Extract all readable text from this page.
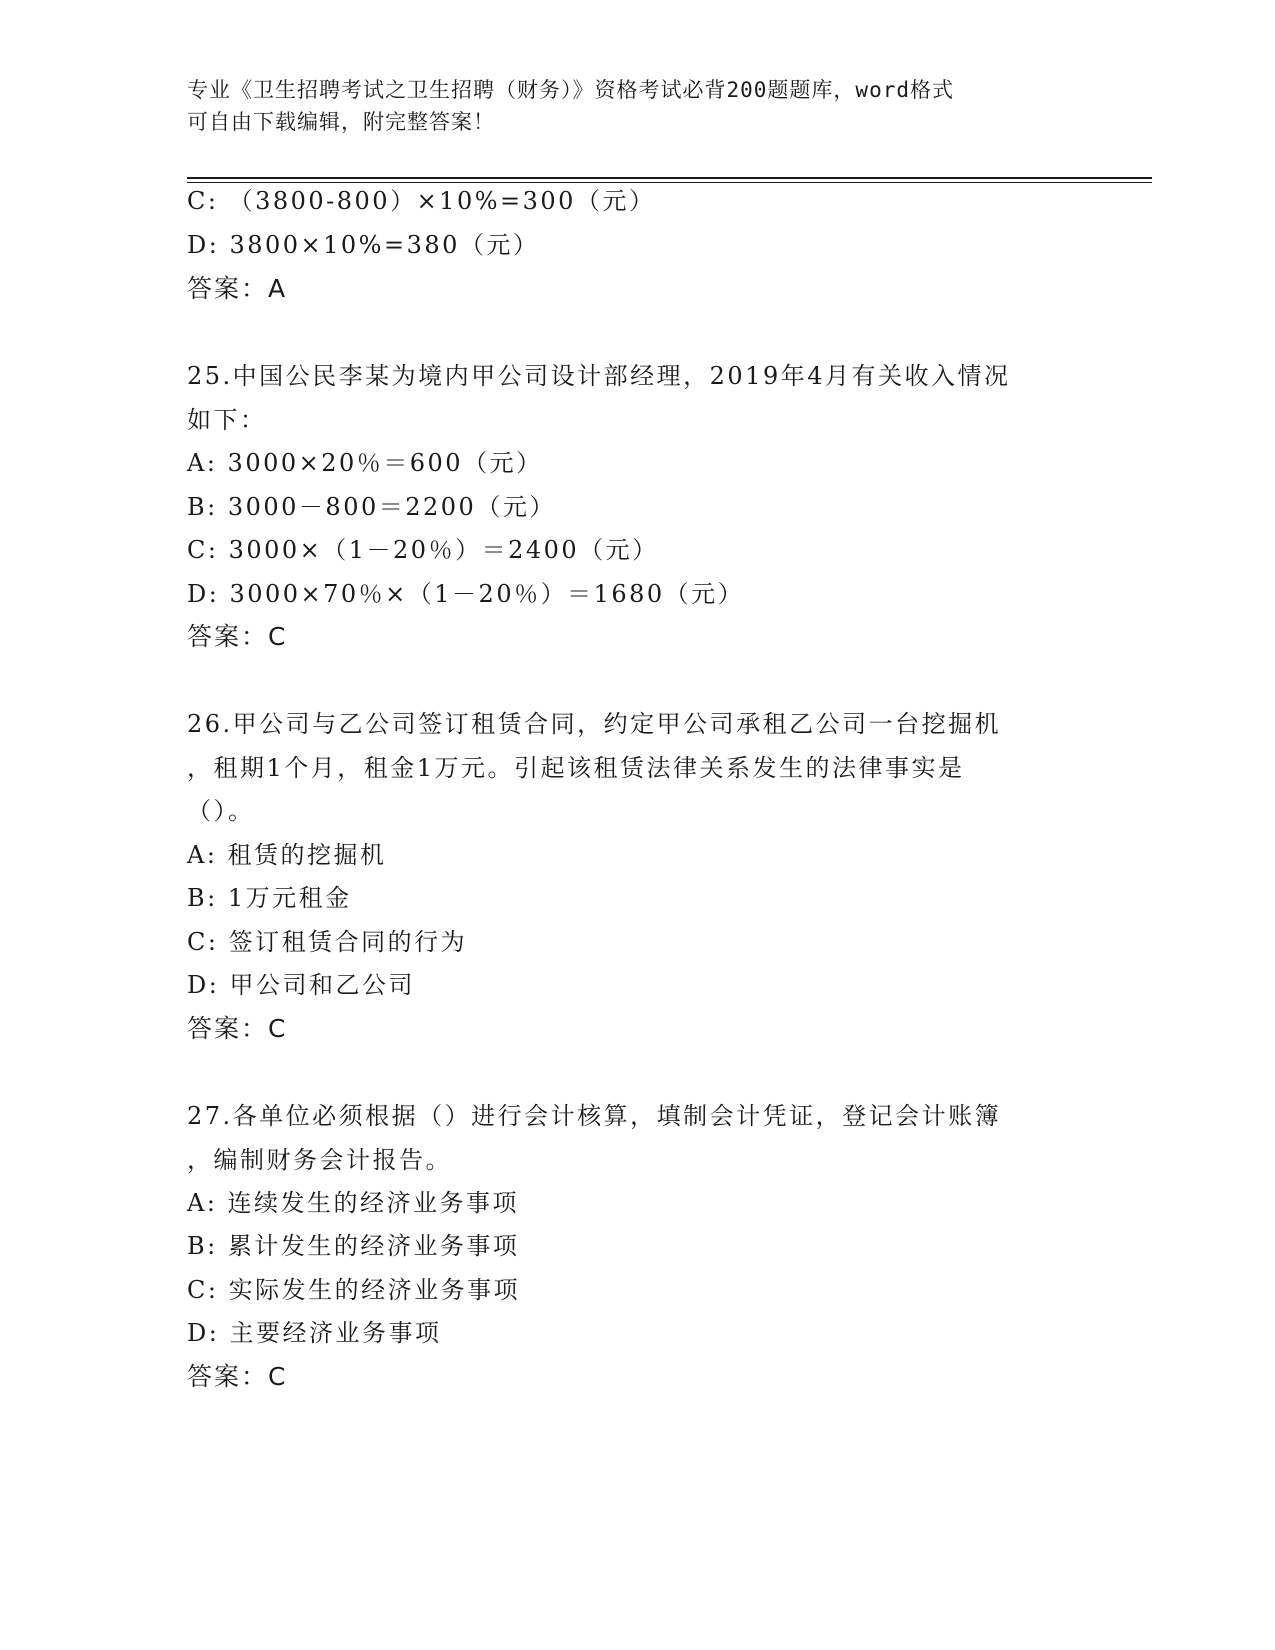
专业《卫生招聘考试之卫生招聘（财务）》资格考试必背200题题库，word格式
可自由下载编辑，附完整答案！
C: （3800-800）×10%=300（元）
D: 3800×10%=380（元）
答案：A
25.中国公民李某为境内甲公司设计部经理，2019年4月有关收入情况
如下：
A: 3000×20％＝600（元）
B: 3000－800＝2200（元）
C: 3000×（1－20％）＝2400（元）
D: 3000×70％×（1－20％）＝1680（元）
答案：C
26.甲公司与乙公司签订租赁合同，约定甲公司承租乙公司一台挖掘机
，租期1个月，租金1万元。引起该租赁法律关系发生的法律事实是
（）。
A: 租赁的挖掘机
B: 1万元租金
C: 签订租赁合同的行为
D: 甲公司和乙公司
答案：C
27.各单位必须根据（）进行会计核算，填制会计凭证，登记会计账簿
，编制财务会计报告。
A: 连续发生的经济业务事项
B: 累计发生的经济业务事项
C: 实际发生的经济业务事项
D: 主要经济业务事项
答案：C
